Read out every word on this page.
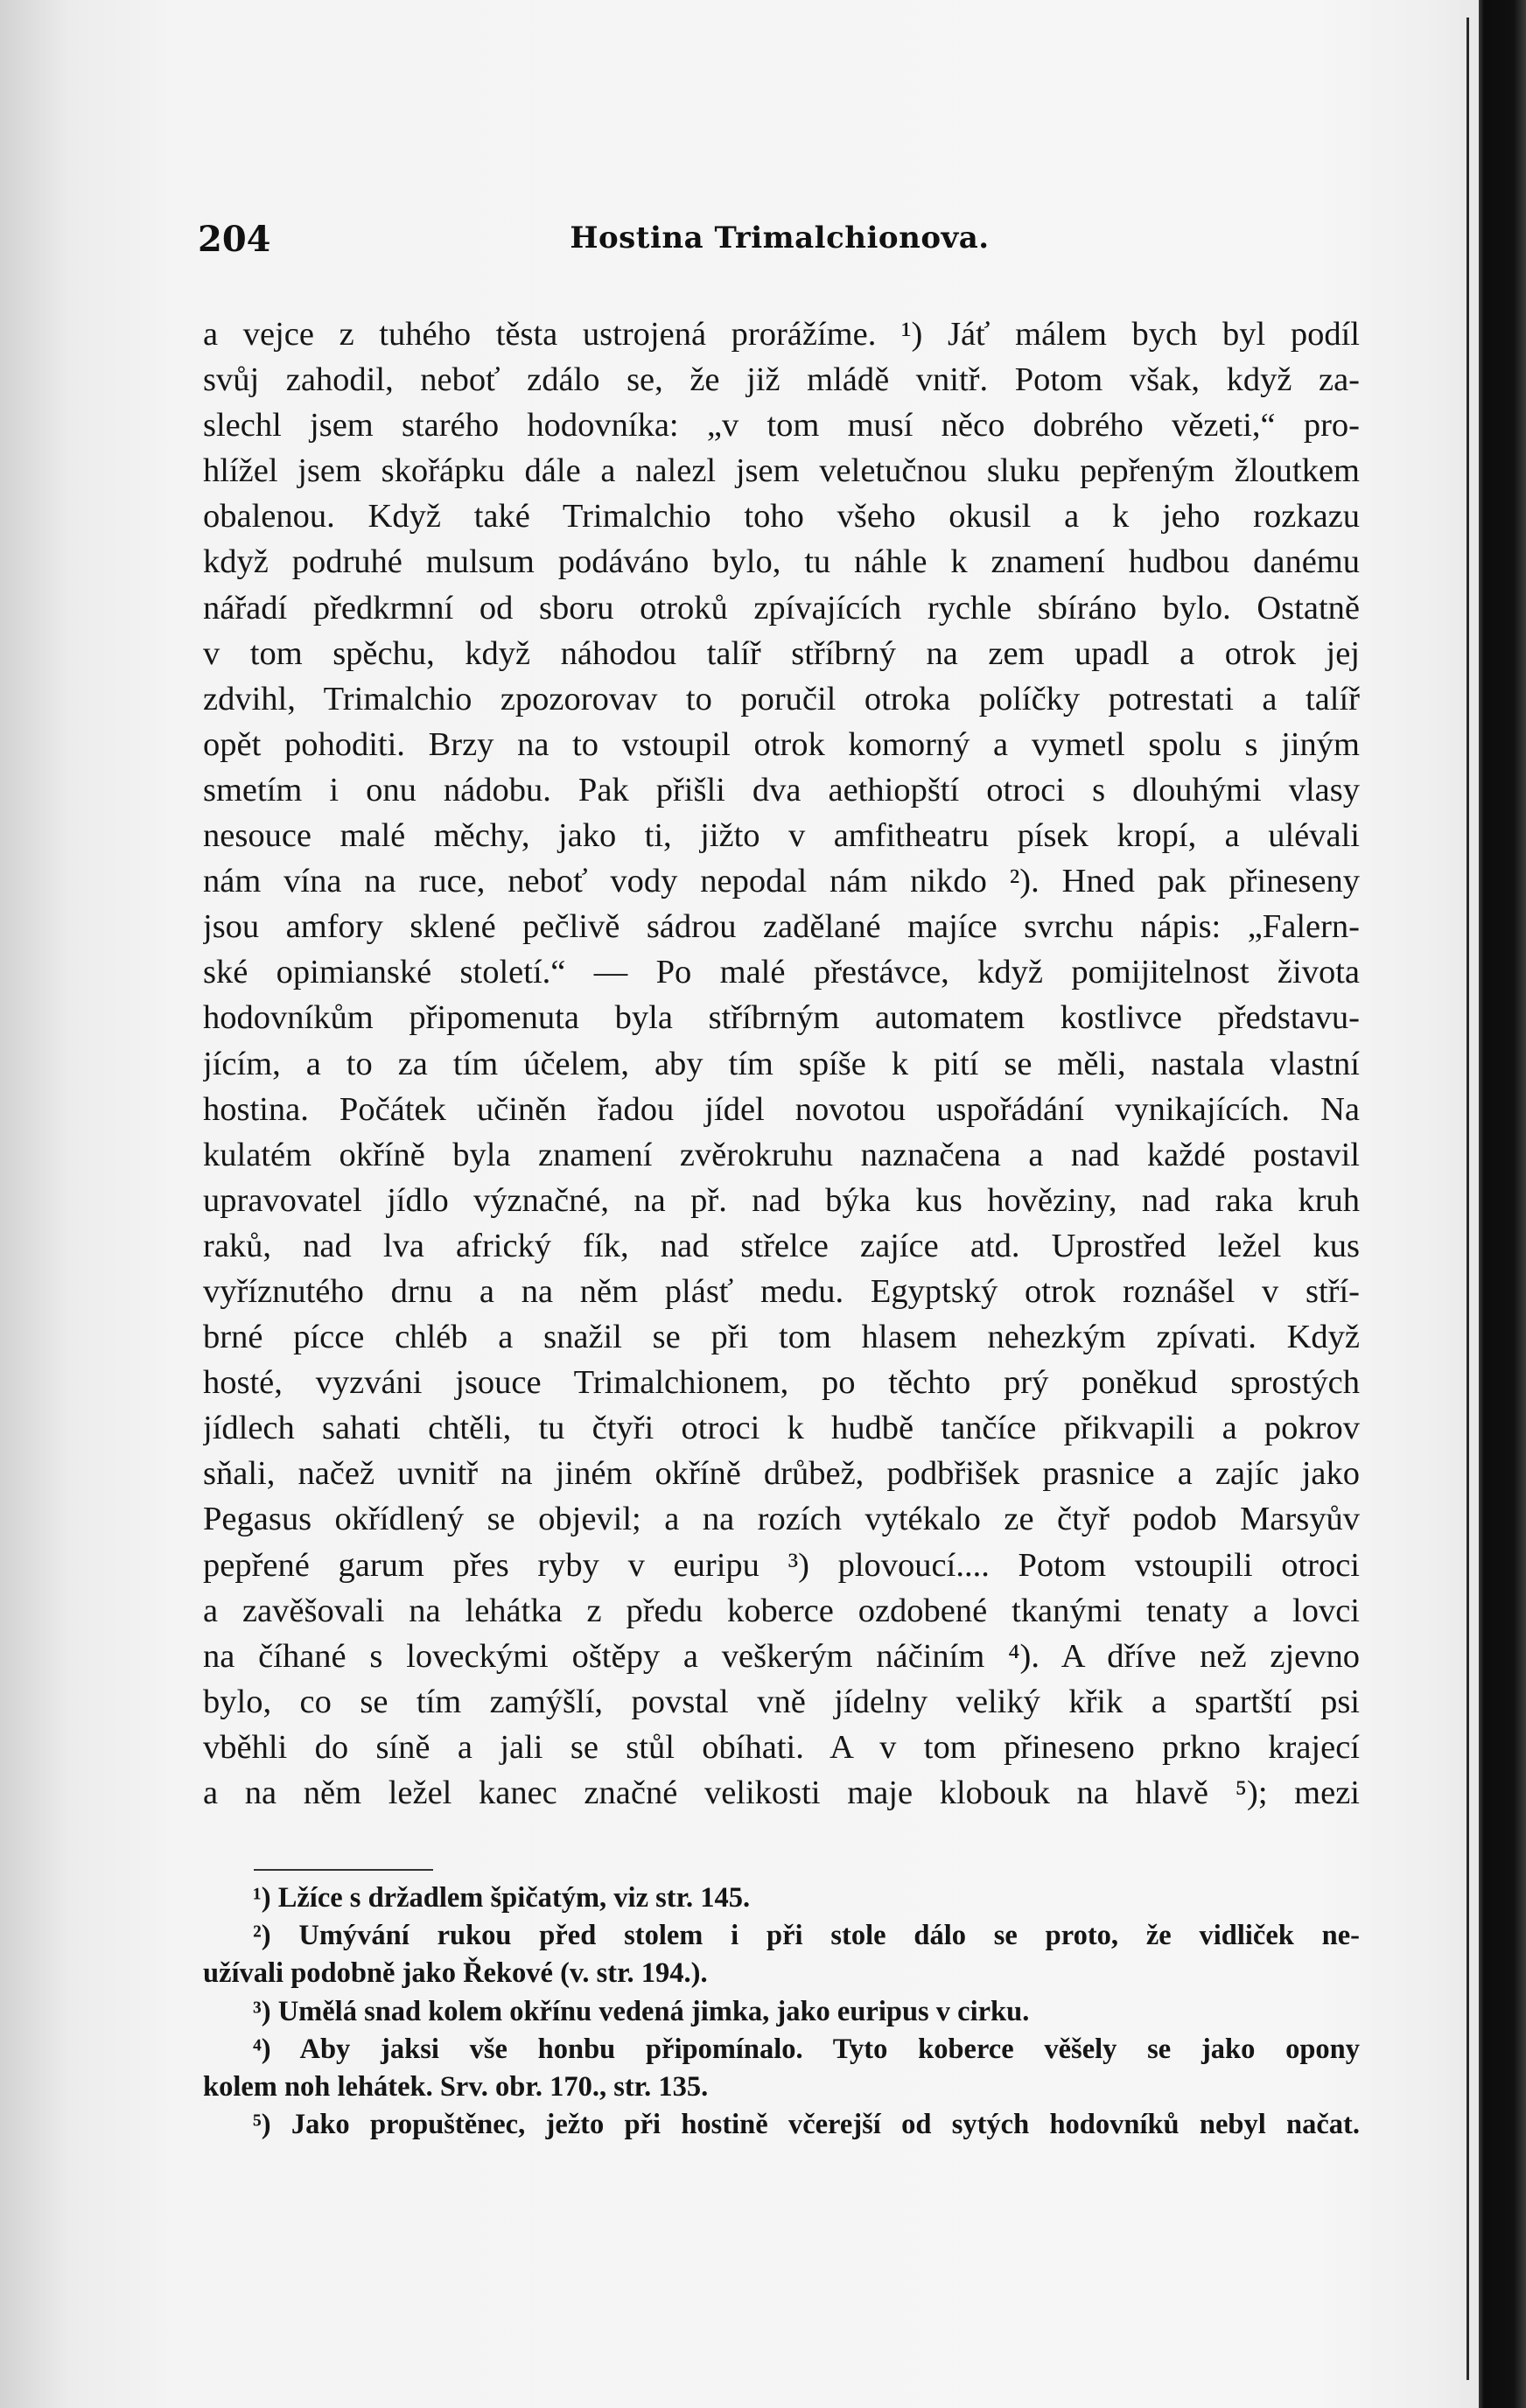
204	Hostina Trimalchionova.
a vejce z tuhého těsta ustrojená prorážíme. ¹) Jáť málem bych byl podíl
svůj zahodil, neboť zdálo se, že již mládě vnitř. Potom však, když za-
slechl jsem starého hodovníka: „v tom musí něco dobrého vězeti,“ pro-
hlížel jsem skořápku dále a nalezl jsem veletučnou sluku pepřeným žloutkem
obalenou. Když také Trimalchio toho všeho okusil a k jeho rozkazu
když podruhé mulsum podáváno bylo, tu náhle k znamení hudbou danému
nářadí předkrmní od sboru otroků zpívajících rychle sbíráno bylo. Ostatně
v tom spěchu, když náhodou talíř stříbrný na zem upadl a otrok jej
zdvihl, Trimalchio zpozorovav to poručil otroka políčky potrestati a talíř
opět pohoditi. Brzy na to vstoupil otrok komorný a vymetl spolu s jiným
smetím i onu nádobu. Pak přišli dva aethiopští otroci s dlouhými vlasy
nesouce malé měchy, jako ti, jižto v amfitheatru písek kropí, a ulévali
nám vína na ruce, neboť vody nepodal nám nikdo ²). Hned pak přineseny
jsou amfory sklené pečlivě sádrou zadělané majíce svrchu nápis: „Falern-
ské opimianské století.“ — Po malé přestávce, když pomijitelnost života
hodovníkům připomenuta byla stříbrným automatem kostlivce představu-
jícím, a to za tím účelem, aby tím spíše k pití se měli, nastala vlastní
hostina. Počátek učiněn řadou jídel novotou uspořádání vynikajících. Na
kulatém okříně byla znamení zvěrokruhu naznačena a nad každé postavil
upravovatel jídlo význačné, na př. nad býka kus hověziny, nad raka kruh
raků, nad lva africký fík, nad střelce zajíce atd. Uprostřed ležel kus
vyříznutého drnu a na něm plásť medu. Egyptský otrok roznášel v stří-
brné pícce chléb a snažil se při tom hlasem nehezkým zpívati. Když
hosté, vyzváni jsouce Trimalchionem, po těchto prý poněkud sprostých
jídlech sahati chtěli, tu čtyři otroci k hudbě tančíce přikvapili a pokrov
sňali, načež uvnitř na jiném okříně drůbež, podbřišek prasnice a zajíc jako
Pegasus okřídlený se objevil; a na rozích vytékalo ze čtyř podob Marsyův
pepřené garum přes ryby v euripu ³) plovoucí.... Potom vstoupili otroci
a zavěšovali na lehátka z předu koberce ozdobené tkanými tenaty a lovci
na číhané s loveckými oštěpy a veškerým náčiním ⁴). A dříve než zjevno
bylo, co se tím zamýšlí, povstal vně jídelny veliký křik a spartští psi
vběhli do síně a jali se stůl obíhati. A v tom přineseno prkno krajecí
a na něm ležel kanec značné velikosti maje klobouk na hlavě ⁵); mezi
¹) Lžíce s držadlem špičatým, viz str. 145.
²) Umývání rukou před stolem i při stole dálo se proto, že vidliček ne-
užívali podobně jako Řekové (v. str. 194.).
³) Umělá snad kolem okřínu vedená jimka, jako euripus v cirku.
⁴) Aby jaksi vše honbu připomínalo. Tyto koberce věšely se jako opony
kolem noh lehátek. Srv. obr. 170., str. 135.
⁵) Jako propuštěnec, ježto při hostině včerejší od sytých hodovníků nebyl načat.
